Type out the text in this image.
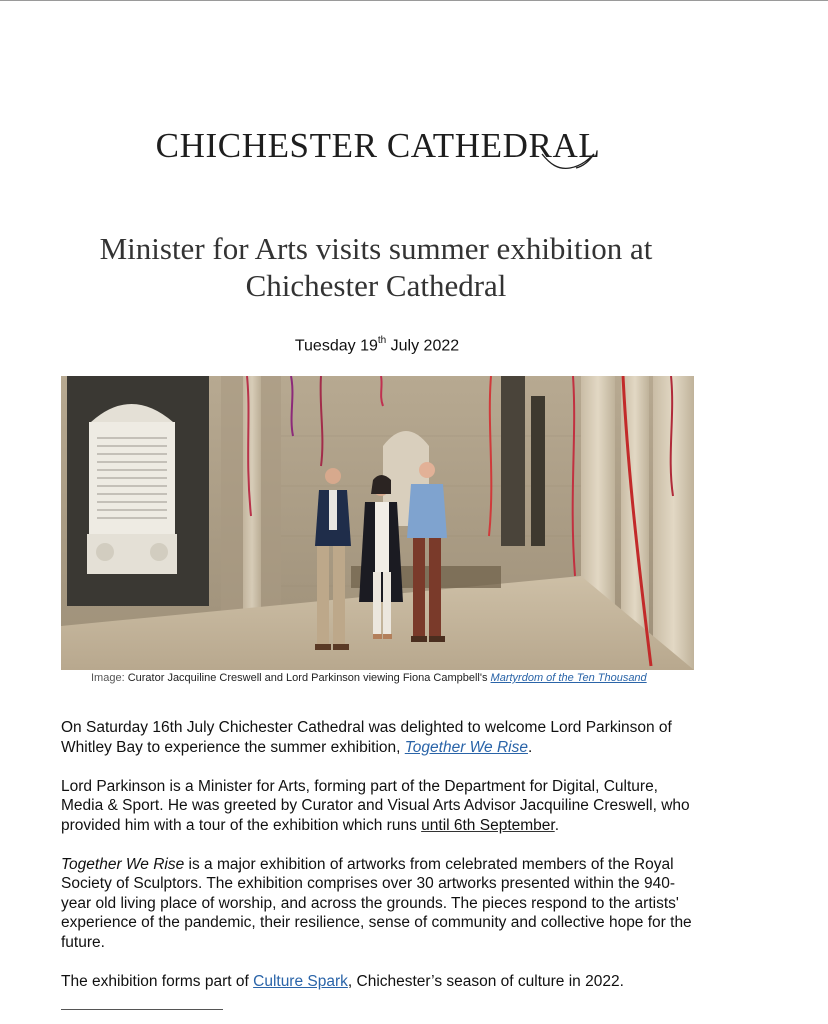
CHICHESTER CATHEDRAL
Minister for Arts visits summer exhibition at Chichester Cathedral
Tuesday 19th July 2022
Image: Curator Jacquiline Creswell and Lord Parkinson viewing Fiona Campbell's Martyrdom of the Ten Thousand

On Saturday 16th July Chichester Cathedral was delighted to welcome Lord Parkinson of Whitley Bay to experience the summer exhibition, Together We Rise.

Lord Parkinson is a Minister for Arts, forming part of the Department for Digital, Culture, Media & Sport. He was greeted by Curator and Visual Arts Advisor Jacquiline Creswell, who provided him with a tour of the exhibition which runs until 6th September.

Together We Rise is a major exhibition of artworks from celebrated members of the Royal Society of Sculptors. The exhibition comprises over 30 artworks presented within the 940-year old living place of worship, and across the grounds. The pieces respond to the artists' experience of the pandemic, their resilience, sense of community and collective hope for the future.

The exhibition forms part of Culture Spark, Chichester’s season of culture in 2022.
